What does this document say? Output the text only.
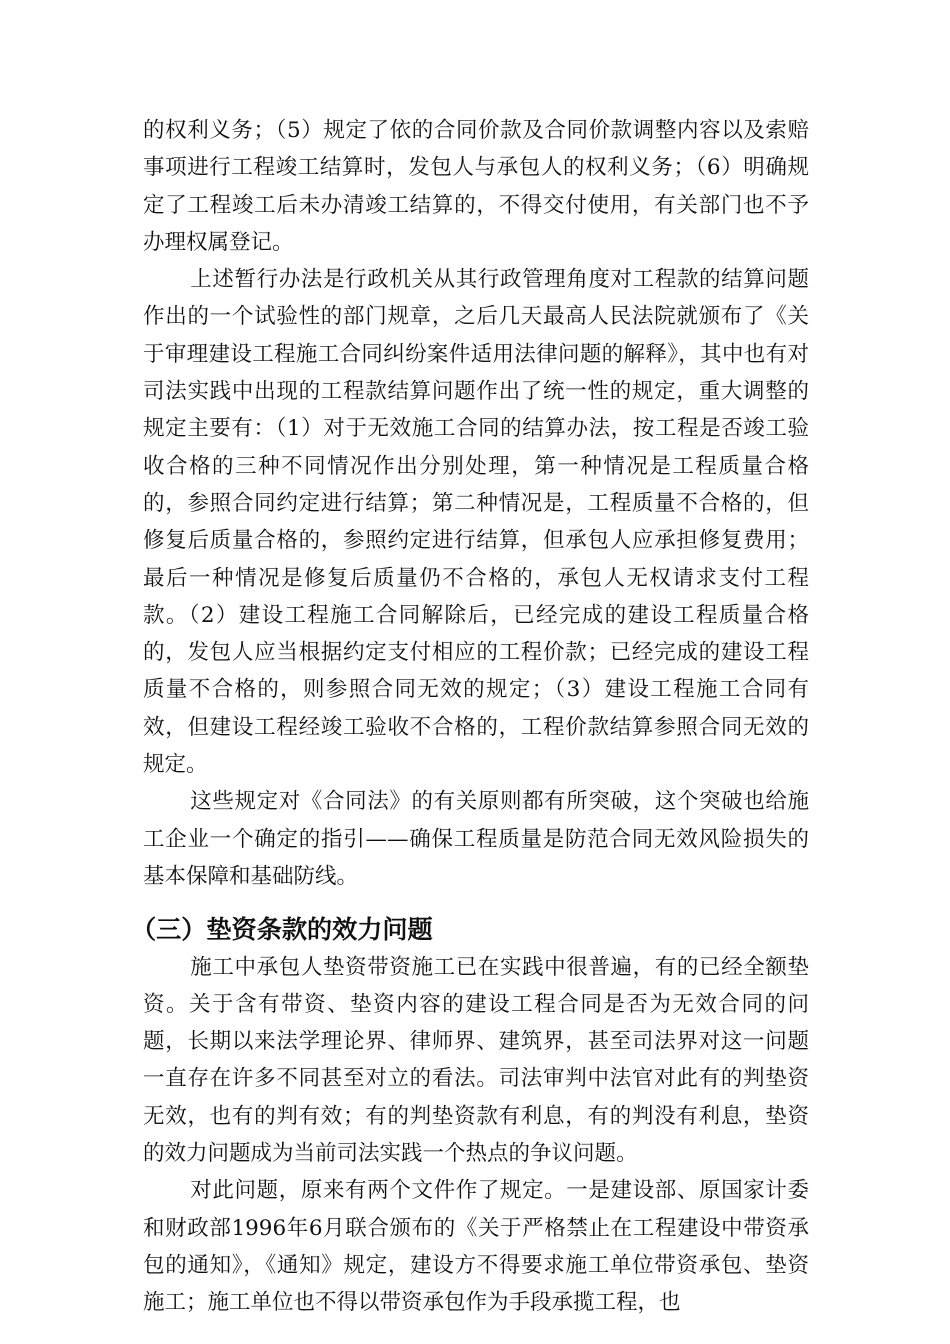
的权利义务；（5）规定了依的合同价款及合同价款调整内容以及索赔事项进行工程竣工结算时，发包人与承包人的权利义务；（6）明确规定了工程竣工后未办清竣工结算的，不得交付使用，有关部门也不予办理权属登记。

上述暂行办法是行政机关从其行政管理角度对工程款的结算问题作出的一个试验性的部门规章，之后几天最高人民法院就颁布了《关于审理建设工程施工合同纠纷案件适用法律问题的解释》，其中也有对司法实践中出现的工程款结算问题作出了统一性的规定，重大调整的规定主要有：（1）对于无效施工合同的结算办法，按工程是否竣工验收合格的三种不同情况作出分别处理，第一种情况是工程质量合格的，参照合同约定进行结算；第二种情况是，工程质量不合格的，但修复后质量合格的，参照约定进行结算，但承包人应承担修复费用；最后一种情况是修复后质量仍不合格的，承包人无权请求支付工程款。（2）建设工程施工合同解除后，已经完成的建设工程质量合格的，发包人应当根据约定支付相应的工程价款；已经完成的建设工程质量不合格的，则参照合同无效的规定；（3）建设工程施工合同有效，但建设工程经竣工验收不合格的，工程价款结算参照合同无效的规定。

这些规定对《合同法》的有关原则都有所突破，这个突破也给施工企业一个确定的指引——确保工程质量是防范合同无效风险损失的基本保障和基础防线。

（三）垫资条款的效力问题

施工中承包人垫资带资施工已在实践中很普遍，有的已经全额垫资。关于含有带资、垫资内容的建设工程合同是否为无效合同的问题，长期以来法学理论界、律师界、建筑界，甚至司法界对这一问题一直存在许多不同甚至对立的看法。司法审判中法官对此有的判垫资无效，也有的判有效；有的判垫资款有利息，有的判没有利息，垫资的效力问题成为当前司法实践一个热点的争议问题。

对此问题，原来有两个文件作了规定。一是建设部、原国家计委和财政部1996年6月联合颁布的《关于严格禁止在工程建设中带资承包的通知》，《通知》规定，建设方不得要求施工单位带资承包、垫资施工；施工单位也不得以带资承包作为手段承揽工程，也
